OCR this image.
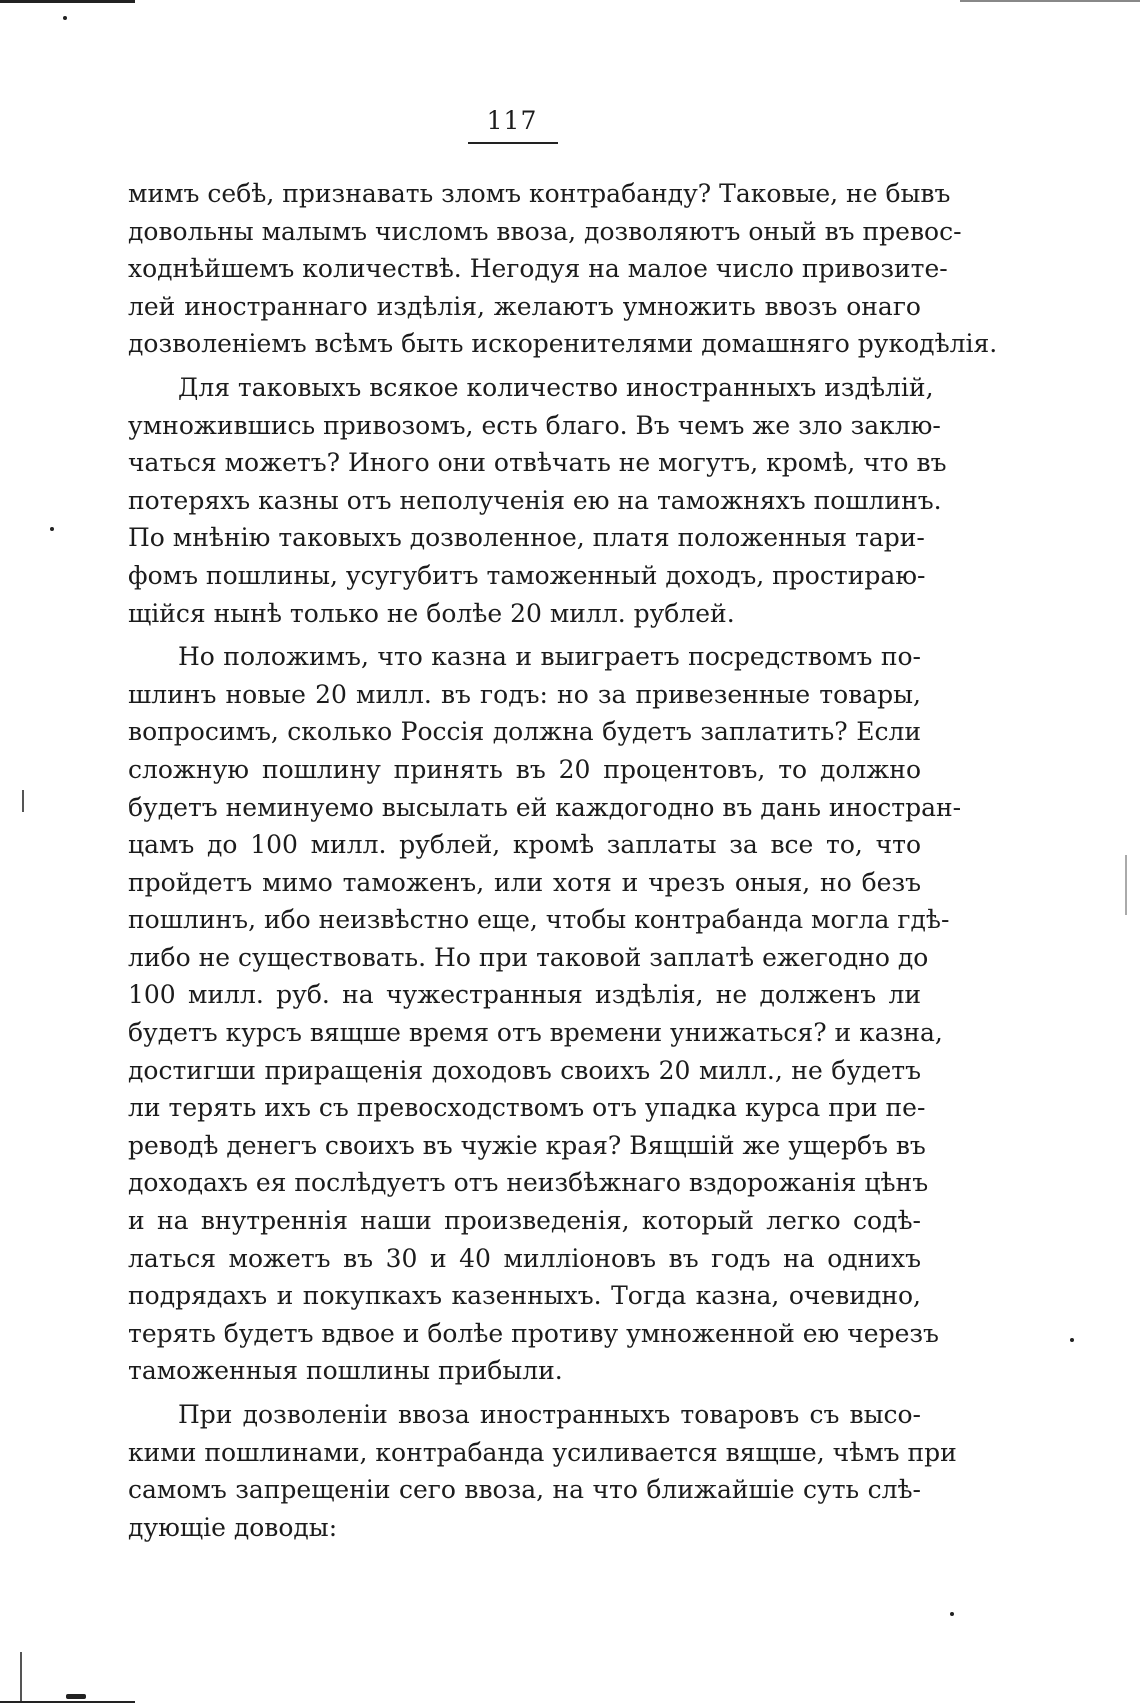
117
мимъ себѣ, признавать зломъ контрабанду? Таковые, не бывъ
довольны малымъ числомъ ввоза, дозволяютъ оный въ превос-
ходнѣйшемъ количествѣ. Негодуя на малое число привозите-
лей иностраннаго издѣлія, желаютъ умножить ввозъ онаго
дозволеніемъ всѣмъ быть искоренителями домашняго рукодѣлія.
Для таковыхъ всякое количество иностранныхъ издѣлій,
умножившись привозомъ, есть благо. Въ чемъ же зло заклю-
чаться можетъ? Иного они отвѣчать не могутъ, кромѣ, что въ
потеряхъ казны отъ неполученія ею на таможняхъ пошлинъ.
По мнѣнію таковыхъ дозволенное, платя положенныя тари-
фомъ пошлины, усугубитъ таможенный доходъ, простираю-
щійся нынѣ только не болѣе 20 милл. рублей.
Но положимъ, что казна и выиграетъ посредствомъ по-
шлинъ новые 20 милл. въ годъ: но за привезенные товары,
вопросимъ, сколько Россія должна будетъ заплатить? Если
сложную пошлину принять въ 20 процентовъ, то должно
будетъ неминуемо высылать ей каждогодно въ дань иностран-
цамъ до 100 милл. рублей, кромѣ заплаты за все то, что
пройдетъ мимо таможенъ, или хотя и чрезъ оныя, но безъ
пошлинъ, ибо неизвѣстно еще, чтобы контрабанда могла гдѣ-
либо не существовать. Но при таковой заплатѣ ежегодно до
100 милл. руб. на чужестранныя издѣлія, не долженъ ли
будетъ курсъ вящше время отъ времени унижаться? и казна,
достигши приращенія доходовъ своихъ 20 милл., не будетъ
ли терять ихъ съ превосходствомъ отъ упадка курса при пе-
реводѣ денегъ своихъ въ чужіе края? Вящшій же ущербъ въ
доходахъ ея послѣдуетъ отъ неизбѣжнаго вздорожанія цѣнъ
и на внутреннія наши произведенія, который легко содѣ-
латься можетъ въ 30 и 40 милліоновъ въ годъ на однихъ
подрядахъ и покупкахъ казенныхъ. Тогда казна, очевидно,
терять будетъ вдвое и болѣе противу умноженной ею черезъ
таможенныя пошлины прибыли.
При дозволеніи ввоза иностранныхъ товаровъ съ высо-
кими пошлинами, контрабанда усиливается вящше, чѣмъ при
самомъ запрещеніи сего ввоза, на что ближайшіе суть слѣ-
дующіе доводы:
